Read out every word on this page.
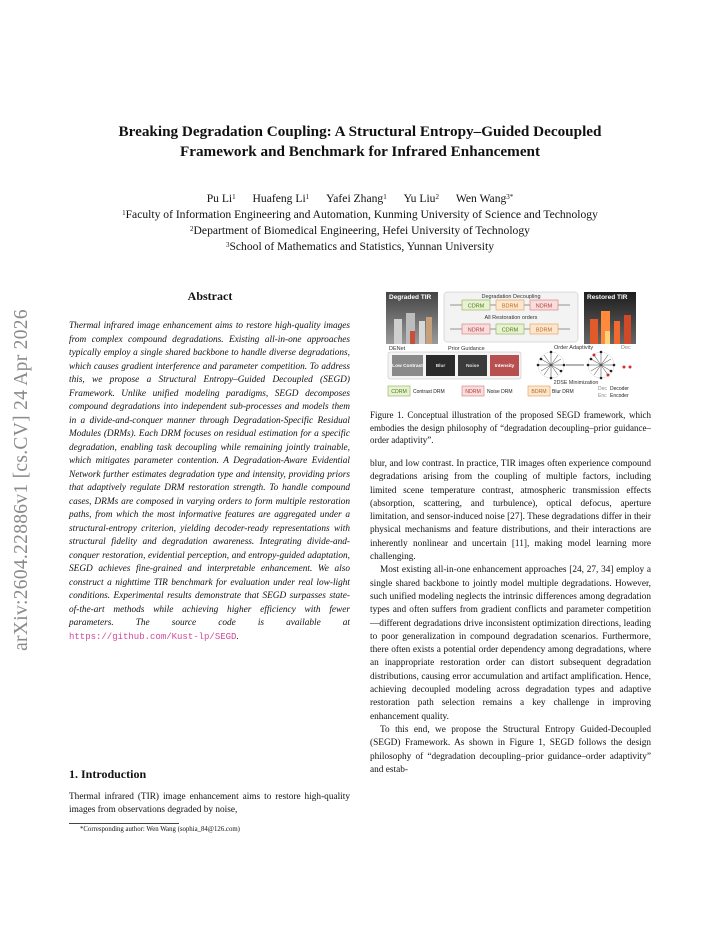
arXiv:2604.22886v1 [cs.CV] 24 Apr 2026
Breaking Degradation Coupling: A Structural Entropy–Guided Decoupled
Framework and Benchmark for Infrared Enhancement
Pu Li$^1$ Huafeng Li$^1$ Yafei Zhang$^1$ Yu Liu$^2$ Wen Wang$^{3*}$
$^1$Faculty of Information Engineering and Automation, Kunming University of Science and Technology
$^2$Department of Biomedical Engineering, Hefei University of Technology
$^3$School of Mathematics and Statistics, Yunnan University
Abstract
Thermal infrared image enhancement aims to restore high-quality images from complex compound degradations. Existing all-in-one approaches typically employ a single shared backbone to handle diverse degradations, which causes gradient interference and parameter competition. To address this, we propose a Structural Entropy–Guided Decoupled (SEGD) Framework. Unlike unified modeling paradigms, SEGD decomposes compound degradations into independent sub-processes and models them in a divide-and-conquer manner through Degradation-Specific Residual Modules (DRMs). Each DRM focuses on residual estimation for a specific degradation, enabling task decoupling while remaining jointly trainable, which mitigates parameter contention. A Degradation-Aware Evidential Network further estimates degradation type and intensity, providing priors that adaptively regulate DRM restoration strength. To handle compound cases, DRMs are composed in varying orders to form multiple restoration paths, from which the most informative features are aggregated under a structural-entropy criterion, yielding decoder-ready representations with structural fidelity and degradation awareness. Integrating divide-and-conquer restoration, evidential perception, and entropy-guided adaptation, SEGD achieves fine-grained and interpretable enhancement. We also construct a nighttime TIR benchmark for evaluation under real low-light conditions. Experimental results demonstrate that SEGD surpasses state-of-the-art methods while achieving higher efficiency with fewer parameters. The source code is available at https://github.com/Kust-lp/SEGD.
1. Introduction
Thermal infrared (TIR) image enhancement aims to restore high-quality images from observations degraded by noise,
*Corresponding author: Wen Wang (sophia_84@126.com)
Degraded TIR	Restored TIR
Degradation Decoupling
CDRM	BDRM	NDRM
All Restoration orders
NDRM	CDRM	BDRM
DENet	Prior Guidance	Order Adaptivity	Dec
Low Contrast	Blur	Noise	Intensity
2DSE Minimization
CDRM Contrast DRM	NDRM Noise DRM	BDRM Blur DRM	Dec Decoder
Enc Encoder
Figure 1. Conceptual illustration of the proposed SEGD framework, which embodies the design philosophy of “degradation decoupling–prior guidance–order adaptivity”.

blur, and low contrast. In practice, TIR images often experience compound degradations arising from the coupling of multiple factors, including limited scene temperature contrast, atmospheric transmission effects (absorption, scattering, and turbulence), optical defocus, aperture limitation, and sensor-induced noise [27]. These degradations differ in their physical mechanisms and feature distributions, and their interactions are inherently nonlinear and uncertain [11], making model learning more challenging.

Most existing all-in-one enhancement approaches [24, 27, 34] employ a single shared backbone to jointly model multiple degradations. However, such unified modeling neglects the intrinsic differences among degradation types and often suffers from gradient conflicts and parameter competition—different degradations drive inconsistent optimization directions, leading to poor generalization in compound degradation scenarios. Furthermore, there often exists a potential order dependency among degradations, where an inappropriate restoration order can distort subsequent degradation distributions, causing error accumulation and artifact amplification. Hence, achieving decoupled modeling across degradation types and adaptive restoration path selection remains a key challenge in improving enhancement quality.

To this end, we propose the Structural Entropy Guided-Decoupled (SEGD) Framework. As shown in Figure 1, SEGD follows the design philosophy of “degradation decoupling–prior guidance–order adaptivity” and estab-
